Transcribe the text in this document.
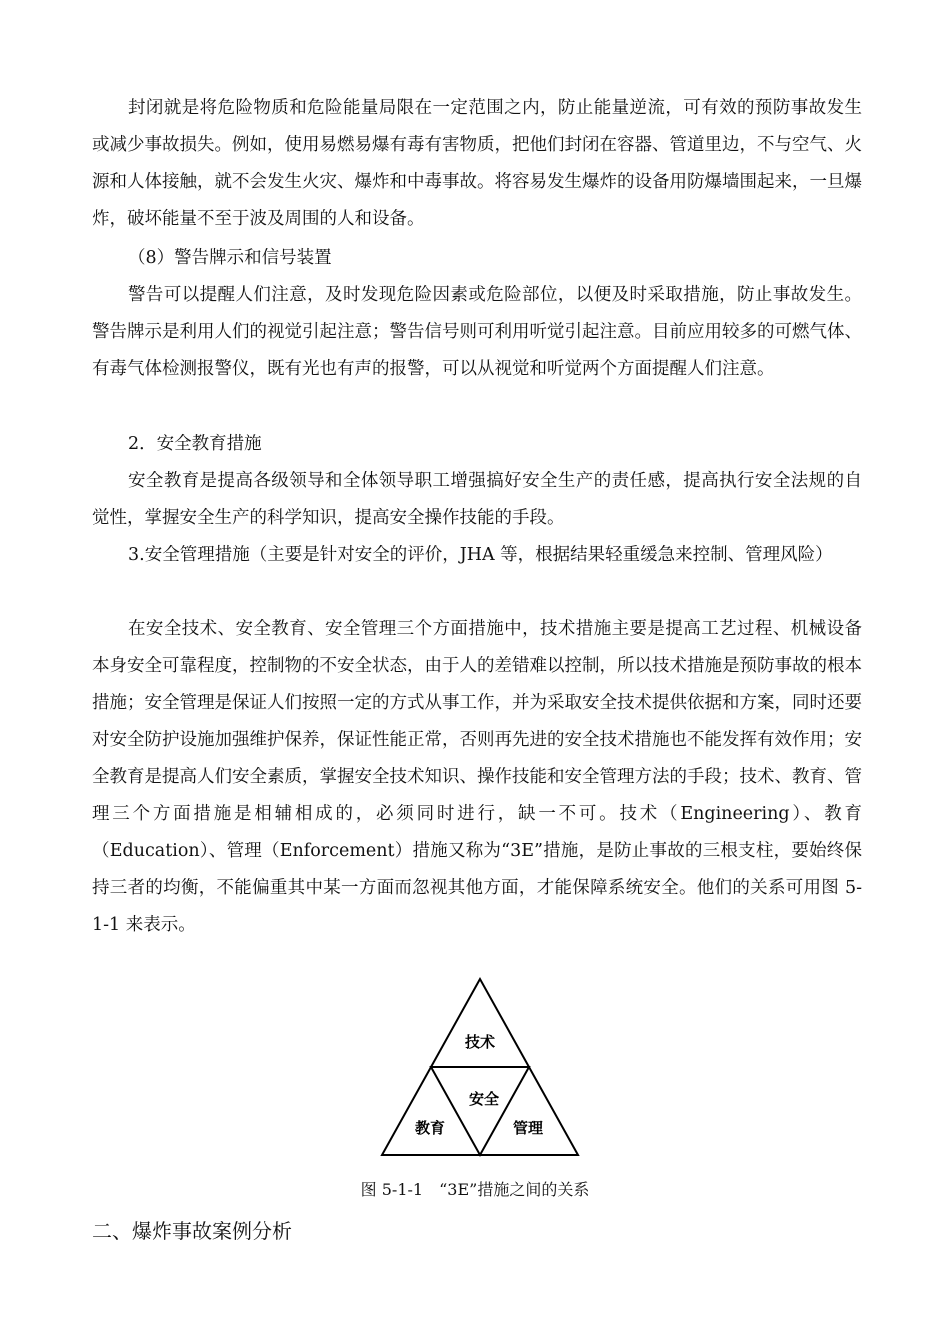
封闭就是将危险物质和危险能量局限在一定范围之内，防止能量逆流，可有效的预防事故发生或减少事故损失。例如，使用易燃易爆有毒有害物质，把他们封闭在容器、管道里边，不与空气、火源和人体接触，就不会发生火灾、爆炸和中毒事故。将容易发生爆炸的设备用防爆墙围起来，一旦爆炸，破坏能量不至于波及周围的人和设备。

（8）警告牌示和信号装置

警告可以提醒人们注意，及时发现危险因素或危险部位，以便及时采取措施，防止事故发生。警告牌示是利用人们的视觉引起注意；警告信号则可利用听觉引起注意。目前应用较多的可燃气体、有毒气体检测报警仪，既有光也有声的报警，可以从视觉和听觉两个方面提醒人们注意。

2．安全教育措施

安全教育是提高各级领导和全体领导职工增强搞好安全生产的责任感，提高执行安全法规的自觉性，掌握安全生产的科学知识，提高安全操作技能的手段。

3.安全管理措施（主要是针对安全的评价，JHA 等，根据结果轻重缓急来控制、管理风险）

在安全技术、安全教育、安全管理三个方面措施中，技术措施主要是提高工艺过程、机械设备本身安全可靠程度，控制物的不安全状态，由于人的差错难以控制，所以技术措施是预防事故的根本措施；安全管理是保证人们按照一定的方式从事工作，并为采取安全技术提供依据和方案，同时还要对安全防护设施加强维护保养，保证性能正常，否则再先进的安全技术措施也不能发挥有效作用；安全教育是提高人们安全素质，掌握安全技术知识、操作技能和安全管理方法的手段；技术、教育、管理三个方面措施是相辅相成的，必须同时进行，缺一不可。技术（Engineering）、教育（Education）、管理（Enforcement）措施又称为“3E”措施，是防止事故的三根支柱，要始终保持三者的均衡，不能偏重其中某一方面而忽视其他方面，才能保障系统安全。他们的关系可用图 5-1-1 来表示。

技术
安全
教育	管理
图 5-1-1　“3E”措施之间的关系
二、爆炸事故案例分析
